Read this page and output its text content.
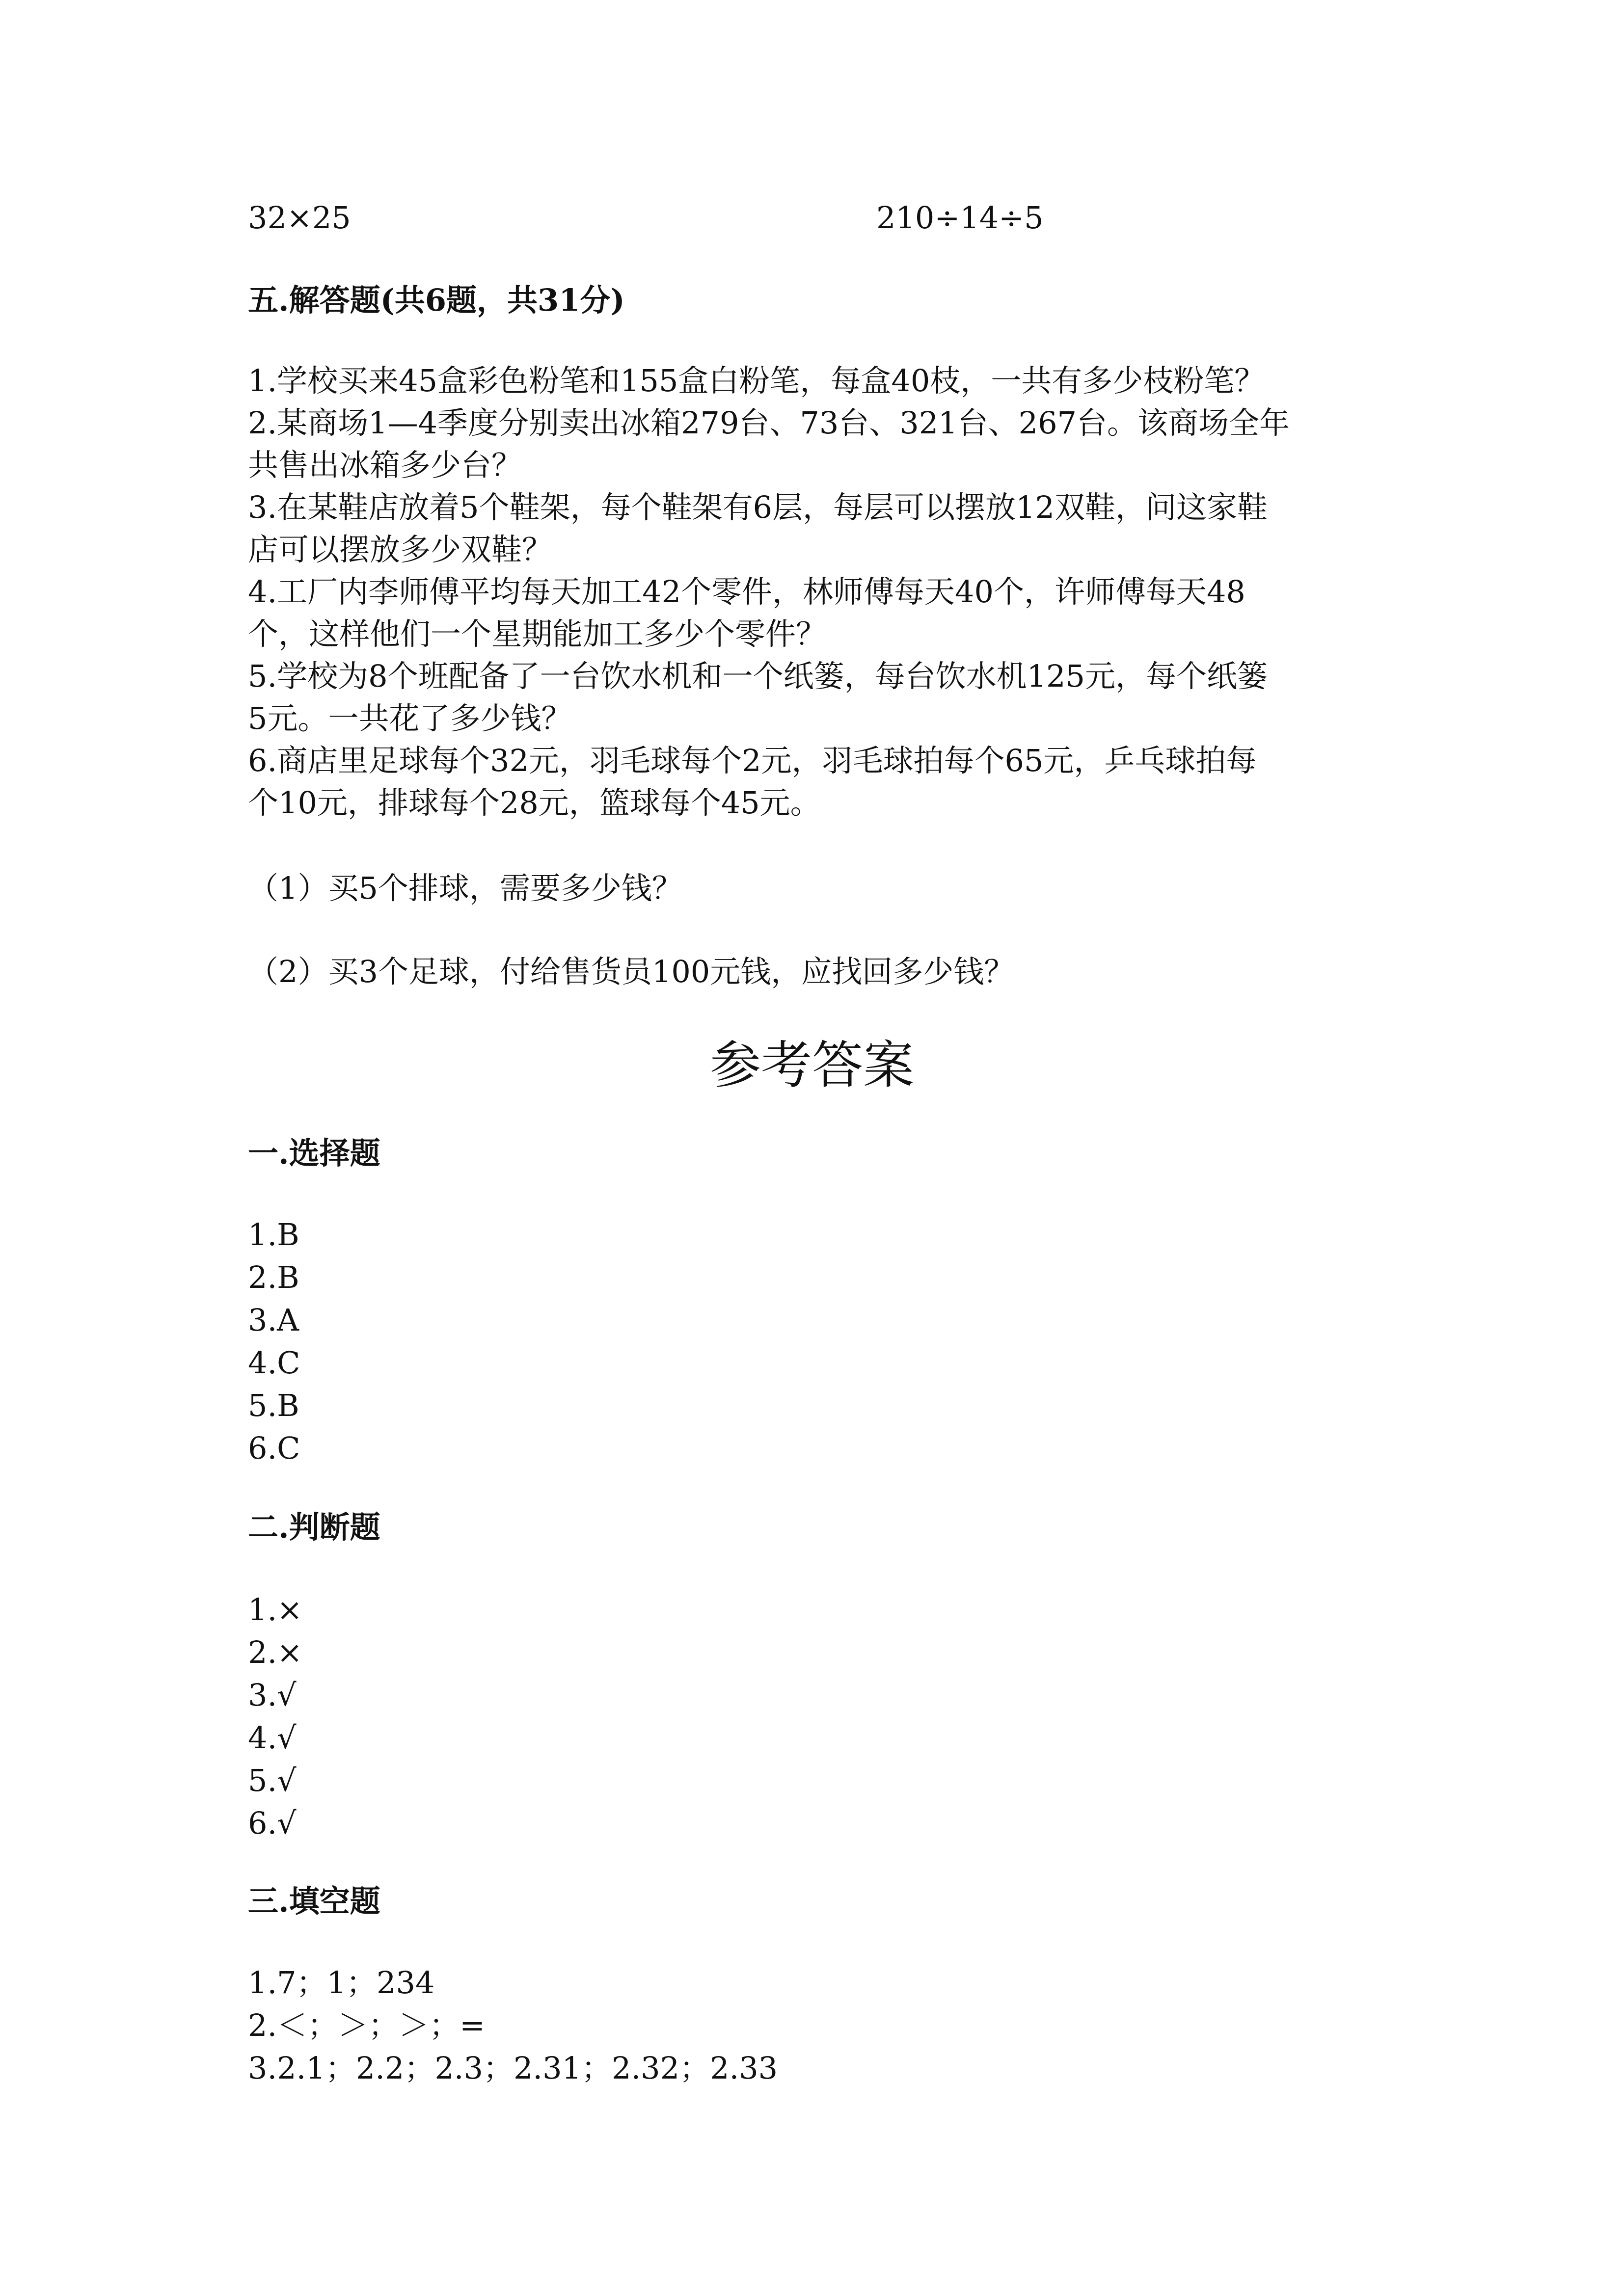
32×25	210÷14÷5

五.解答题(共6题，共31分)

1.学校买来45盒彩色粉笔和155盒白粉笔，每盒40枝，一共有多少枝粉笔？

2.某商场1—4季度分别卖出冰箱279台、73台、321台、267台。该商场全年

共售出冰箱多少台？

3.在某鞋店放着5个鞋架，每个鞋架有6层，每层可以摆放12双鞋，问这家鞋

店可以摆放多少双鞋？

4.工厂内李师傅平均每天加工42个零件，林师傅每天40个，许师傅每天48

个，这样他们一个星期能加工多少个零件？

5.学校为8个班配备了一台饮水机和一个纸篓，每台饮水机125元，每个纸篓

5元。一共花了多少钱？

6.商店里足球每个32元，羽毛球每个2元，羽毛球拍每个65元，乒乓球拍每

个10元，排球每个28元，篮球每个45元。

（1）买5个排球，需要多少钱？

（2）买3个足球，付给售货员100元钱，应找回多少钱？

参考答案

一.选择题

1.B

2.B

3.A

4.C

5.B

6.C

二.判断题

1.×

2.×

3.√

4.√

5.√

6.√

三.填空题

1.7；1；234

2.＜；＞；＞；=

3.2.1；2.2；2.3；2.31；2.32；2.33
